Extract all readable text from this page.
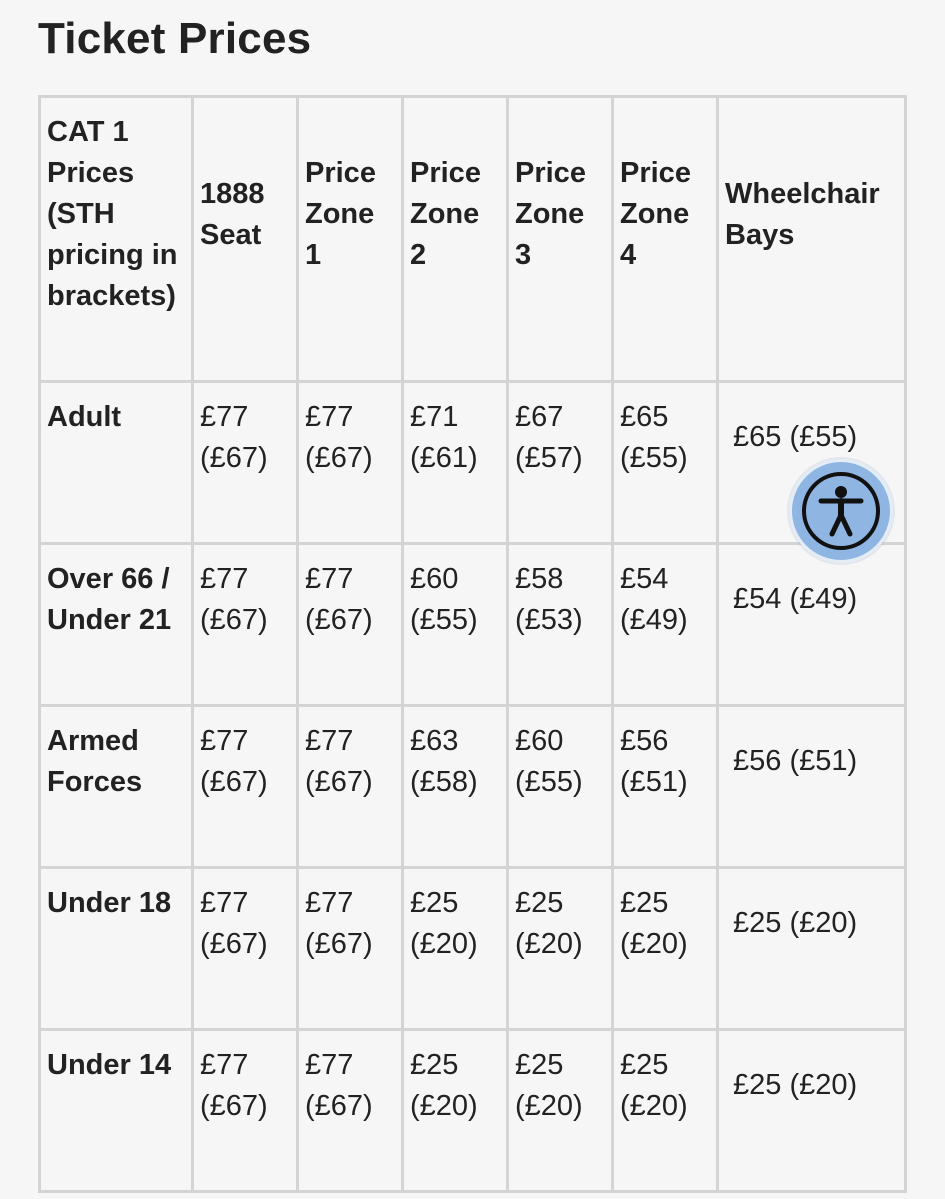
Ticket Prices
CAT 1 Prices (STH pricing in brackets)	1888 Seat	Price Zone 1	Price Zone 2	Price Zone 3	Price Zone 4	Wheelchair Bays
Adult	£77 (£67)	£77 (£67)	£71 (£61)	£67 (£57)	£65 (£55)	£65 (£55)
Over 66 / Under 21	£77 (£67)	£77 (£67)	£60 (£55)	£58 (£53)	£54 (£49)	£54 (£49)
Armed Forces	£77 (£67)	£77 (£67)	£63 (£58)	£60 (£55)	£56 (£51)	£56 (£51)
Under 18	£77 (£67)	£77 (£67)	£25 (£20)	£25 (£20)	£25 (£20)	£25 (£20)
Under 14	£77 (£67)	£77 (£67)	£25 (£20)	£25 (£20)	£25 (£20)	£25 (£20)
